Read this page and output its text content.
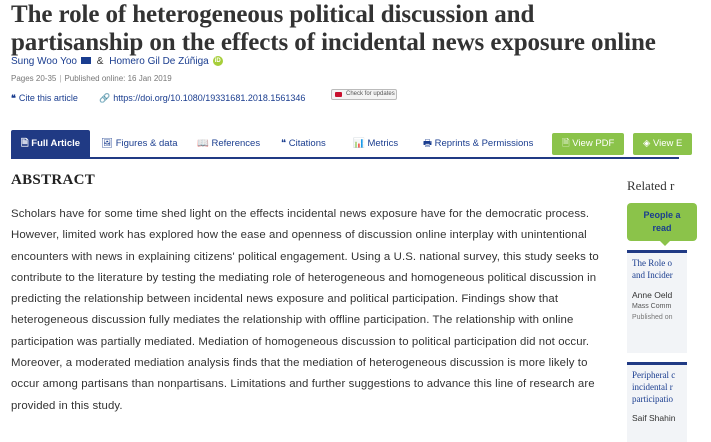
The role of heterogeneous political discussion and
partisanship on the effects of incidental news exposure online
Sung Woo Yoo & Homero Gil De Zúñiga iD
Pages 20-35 | Published online: 16 Jan 2019
❝ Cite this article 🔗 https://doi.org/10.1080/19331681.2018.1561346	Check for updates
🗎 Full Article	🖼 Figures & data 📖 References ❝ Citations	📊 Metrics	🖶 Reprints & Permissions	🗎 View PDF	◈ View E
ABSTRACT
Scholars have for some time shed light on the effects incidental news exposure have for the democratic process. However, limited work has explored how the ease and openness of discussion online interplay with unintentional encounters with news in explaining citizens' political engagement. Using a U.S. national survey, this study seeks to contribute to the literature by testing the mediating role of heterogeneous and homogeneous political discussion in predicting the relationship between incidental news exposure and political participation. Findings show that heterogeneous discussion fully mediates the relationship with offline participation. The relationship with online participation was partially mediated. Mediation of homogeneous discussion to political participation did not occur. Moreover, a moderated mediation analysis finds that the mediation of heterogeneous discussion is more likely to occur among partisans than nonpartisans. Limitations and further suggestions to advance this line of research are provided in this study.
Related r
People a
read
The Role o
and Incider
Anne Oeld
Mass Comm
Published on
Peripheral c
incidental r
participatio
Saif Shahin
